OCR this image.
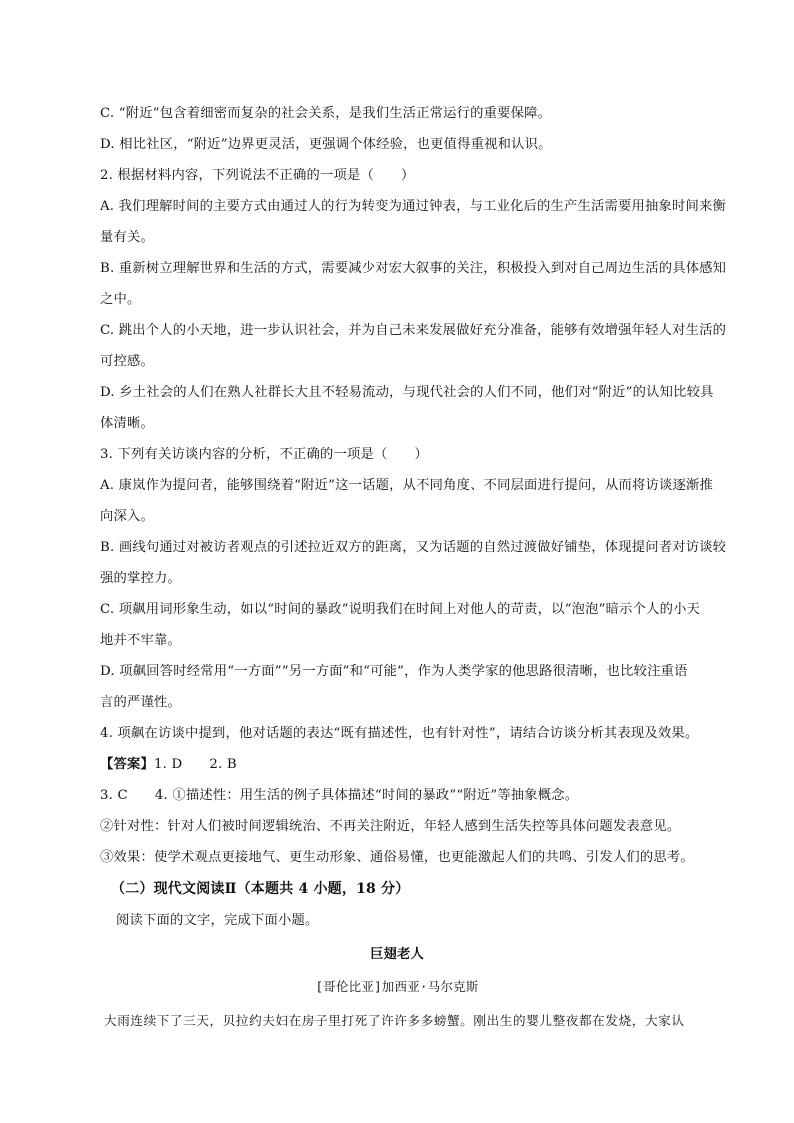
C. “附近”包含着细密而复杂的社会关系，是我们生活正常运行的重要保障。
D. 相比社区，“附近”边界更灵活，更强调个体经验，也更值得重视和认识。
2. 根据材料内容，下列说法不正确的一项是（　　）
A. 我们理解时间的主要方式由通过人的行为转变为通过钟表，与工业化后的生产生活需要用抽象时间来衡
量有关。
B. 重新树立理解世界和生活的方式，需要减少对宏大叙事的关注，积极投入到对自己周边生活的具体感知
之中。
C. 跳出个人的小天地，进一步认识社会，并为自己未来发展做好充分准备，能够有效增强年轻人对生活的
可控感。
D. 乡土社会的人们在熟人社群长大且不轻易流动，与现代社会的人们不同，他们对“附近”的认知比较具
体清晰。
3. 下列有关访谈内容的分析，不正确的一项是（　　）
A. 康岚作为提问者，能够围绕着“附近”这一话题，从不同角度、不同层面进行提问，从而将访谈逐渐推
向深入。
B. 画线句通过对被访者观点的引述拉近双方的距离，又为话题的自然过渡做好铺垫，体现提问者对访谈较
强的掌控力。
C. 项飙用词形象生动，如以“时间的暴政”说明我们在时间上对他人的苛责，以“泡泡”暗示个人的小天
地并不牢靠。
D. 项飙回答时经常用“一方面”“另一方面”和“可能”，作为人类学家的他思路很清晰，也比较注重语
言的严谨性。
4. 项飙在访谈中提到，他对话题的表达“既有描述性，也有针对性”，请结合访谈分析其表现及效果。
【答案】1. D　　2. B
3. C　　4. ①描述性：用生活的例子具体描述“时间的暴政”“附近”等抽象概念。
②针对性：针对人们被时间逻辑统治、不再关注附近，年轻人感到生活失控等具体问题发表意见。
③效果：使学术观点更接地气、更生动形象、通俗易懂，也更能激起人们的共鸣、引发人们的思考。
（二）现代文阅读Ⅱ（本题共 4 小题，18 分）
阅读下面的文字，完成下面小题。
巨翅老人
[哥伦比亚]加西亚·马尔克斯
大雨连续下了三天，贝拉约夫妇在房子里打死了许许多多螃蟹。刚出生的婴儿整夜都在发烧，大家认
